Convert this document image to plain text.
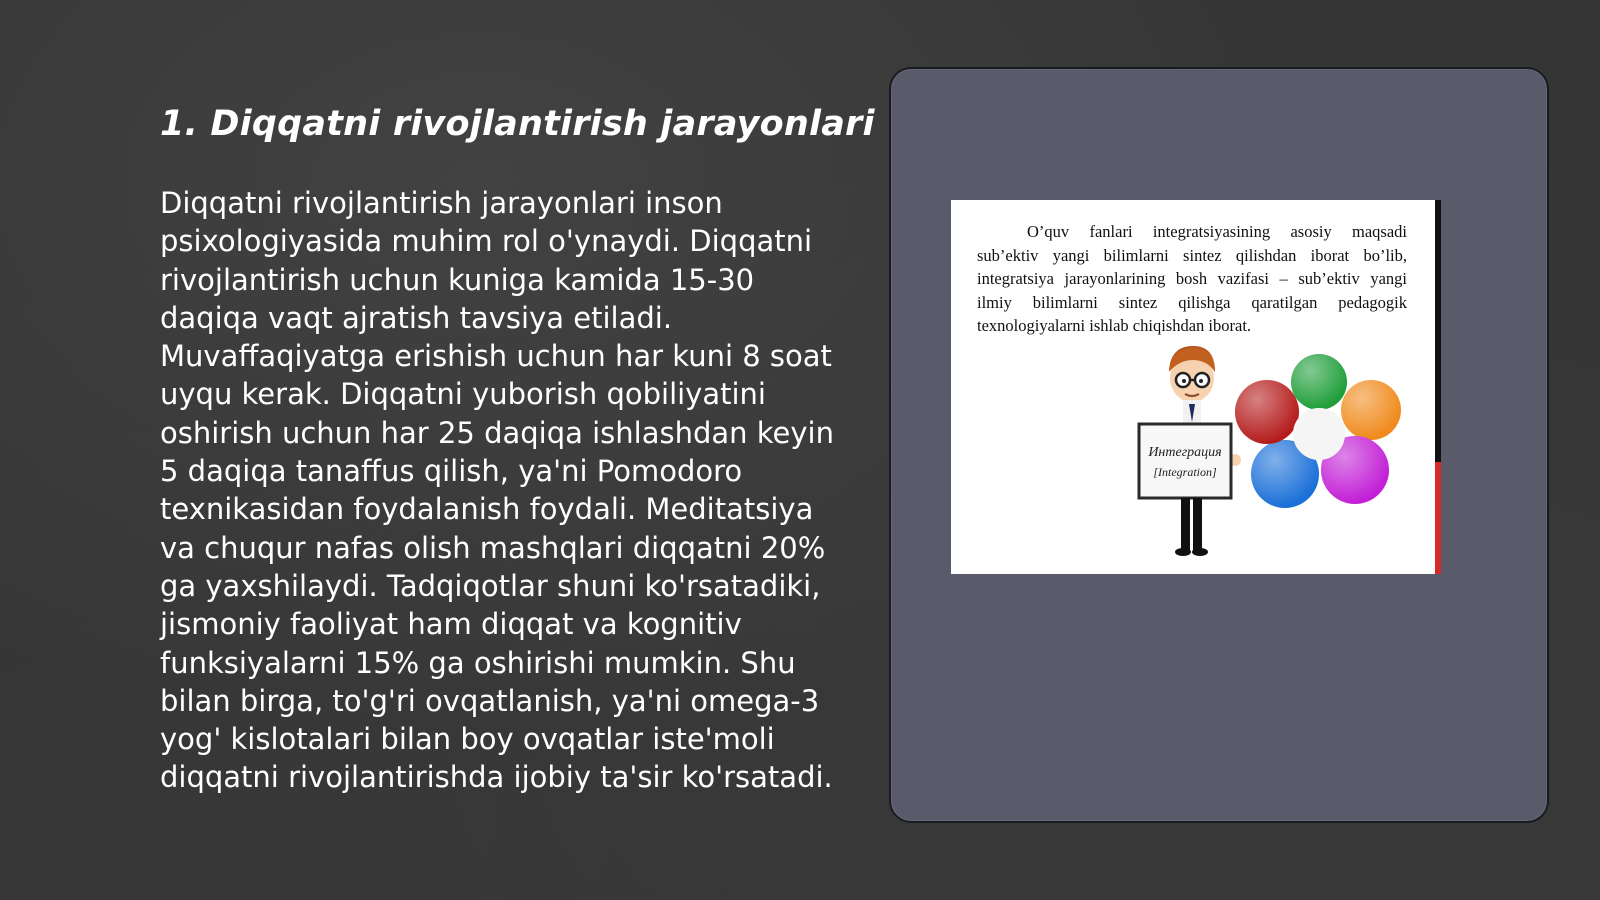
1. Diqqatni rivojlantirish jarayonlari

Diqqatni rivojlantirish jarayonlari inson psixologiyasida muhim rol o'ynaydi. Diqqatni rivojlantirish uchun kuniga kamida 15-30 daqiqa vaqt ajratish tavsiya etiladi. Muvaffaqiyatga erishish uchun har kuni 8 soat uyqu kerak. Diqqatni yuborish qobiliyatini oshirish uchun har 25 daqiqa ishlashdan keyin 5 daqiqa tanaffus qilish, ya'ni Pomodoro texnikasidan foydalanish foydali. Meditatsiya va chuqur nafas olish mashqlari diqqatni 20% ga yaxshilaydi. Tadqiqotlar shuni ko'rsatadiki, jismoniy faoliyat ham diqqat va kognitiv funksiyalarni 15% ga oshirishi mumkin. Shu bilan birga, to'g'ri ovqatlanish, ya'ni omega-3 yog' kislotalari bilan boy ovqatlar iste'moli diqqatni rivojlantirishda ijobiy ta'sir ko'rsatadi.

O’quv fanlari integratsiyasining asosiy maqsadi sub’ektiv yangi bilimlarni sintez qilishdan iborat bo’lib, integratsiya jarayonlarining bosh vazifasi – sub’ektiv yangi ilmiy bilimlarni sintez qilishga qaratilgan pedagogik texnologiyalarni ishlab chiqishdan iborat.

Интеграция
[Integration]
